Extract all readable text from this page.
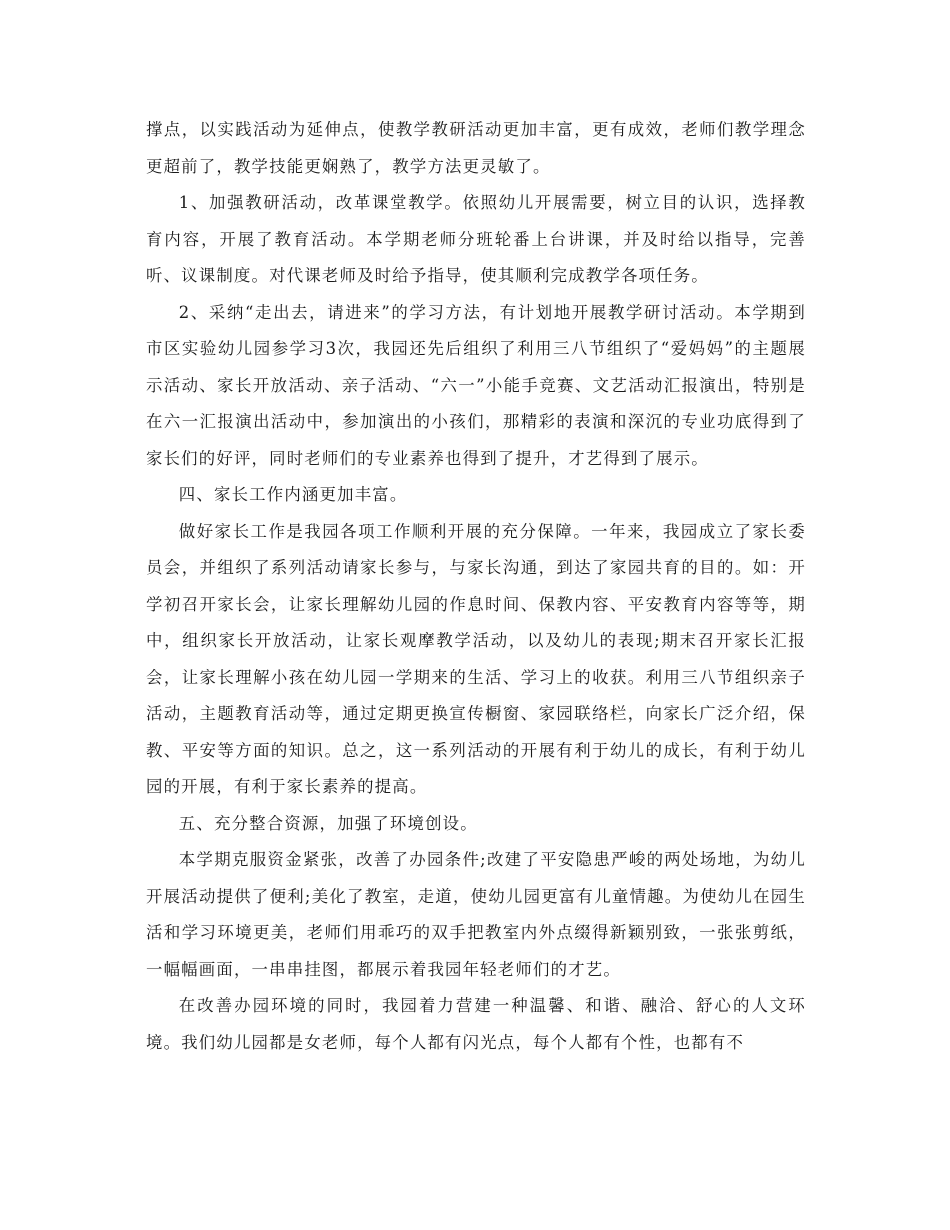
撑点，以实践活动为延伸点，使教学教研活动更加丰富，更有成效，老师们教学理念更超前了，教学技能更娴熟了，教学方法更灵敏了。

1、加强教研活动，改革课堂教学。依照幼儿开展需要，树立目的认识，选择教育内容，开展了教育活动。本学期老师分班轮番上台讲课，并及时给以指导，完善听、议课制度。对代课老师及时给予指导，使其顺利完成教学各项任务。

2、采纳“走出去，请进来”的学习方法，有计划地开展教学研讨活动。本学期到市区实验幼儿园参学习3次，我园还先后组织了利用三八节组织了“爱妈妈”的主题展示活动、家长开放活动、亲子活动、“六一”小能手竞赛、文艺活动汇报演出，特别是在六一汇报演出活动中，参加演出的小孩们，那精彩的表演和深沉的专业功底得到了家长们的好评，同时老师们的专业素养也得到了提升，才艺得到了展示。

四、家长工作内涵更加丰富。

做好家长工作是我园各项工作顺利开展的充分保障。一年来，我园成立了家长委员会，并组织了系列活动请家长参与，与家长沟通，到达了家园共育的目的。如：开学初召开家长会，让家长理解幼儿园的作息时间、保教内容、平安教育内容等等，期中，组织家长开放活动，让家长观摩教学活动，以及幼儿的表现;期末召开家长汇报会，让家长理解小孩在幼儿园一学期来的生活、学习上的收获。利用三八节组织亲子活动，主题教育活动等，通过定期更换宣传橱窗、家园联络栏，向家长广泛介绍，保教、平安等方面的知识。总之，这一系列活动的开展有利于幼儿的成长，有利于幼儿园的开展，有利于家长素养的提高。

五、充分整合资源，加强了环境创设。

本学期克服资金紧张，改善了办园条件;改建了平安隐患严峻的两处场地，为幼儿开展活动提供了便利;美化了教室，走道，使幼儿园更富有儿童情趣。为使幼儿在园生活和学习环境更美，老师们用乖巧的双手把教室内外点缀得新颖别致，一张张剪纸，一幅幅画面，一串串挂图，都展示着我园年轻老师们的才艺。

在改善办园环境的同时，我园着力营建一种温馨、和谐、融洽、舒心的人文环境。我们幼儿园都是女老师，每个人都有闪光点，每个人都有个性，也都有不
